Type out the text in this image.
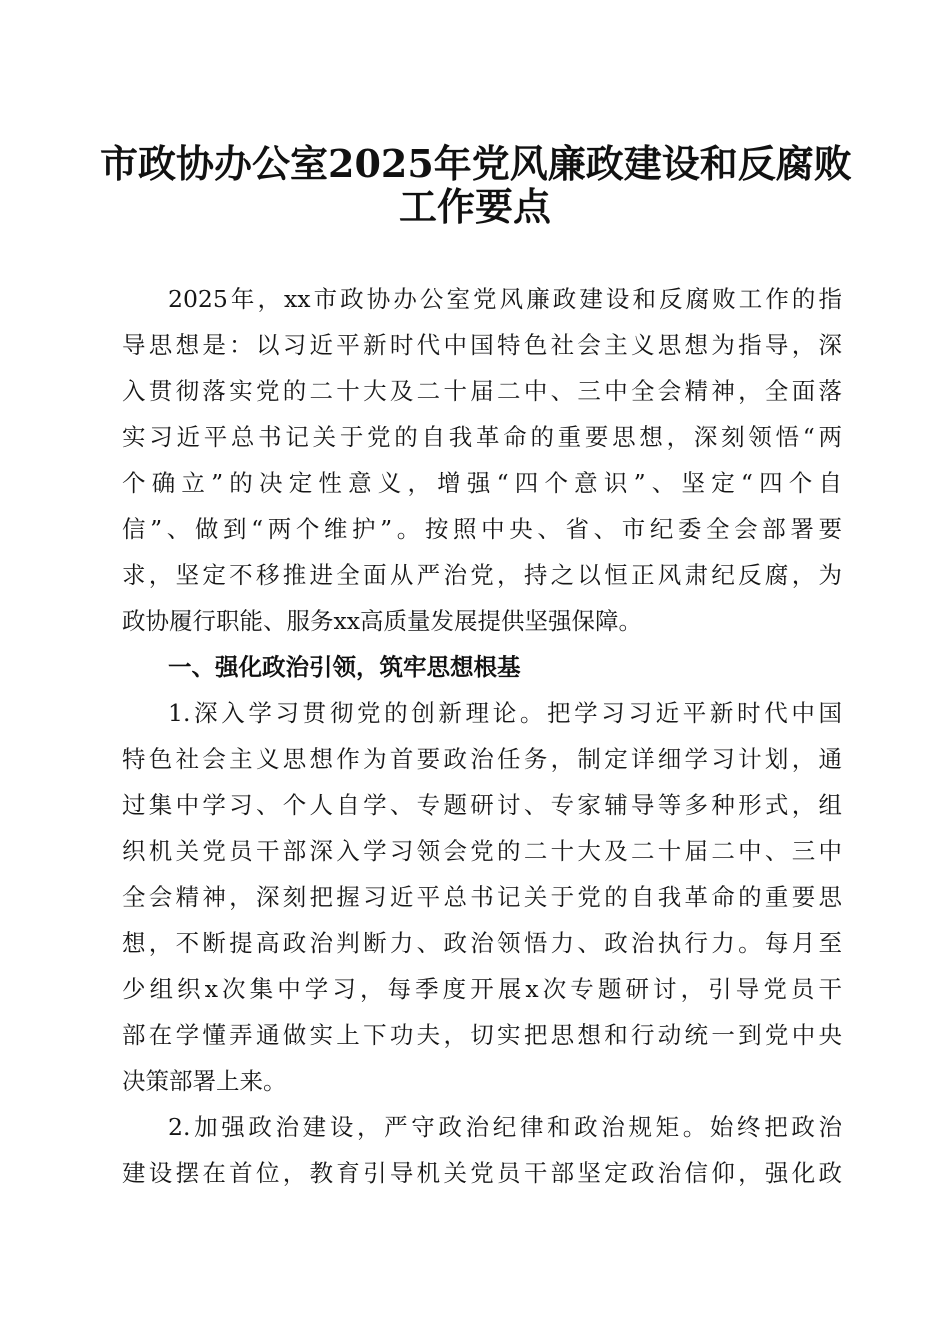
市政协办公室2025年党风廉政建设和反腐败
工作要点
2025年，xx市政协办公室党风廉政建设和反腐败工作的指
导思想是：以习近平新时代中国特色社会主义思想为指导，深
入贯彻落实党的二十大及二十届二中、三中全会精神，全面落
实习近平总书记关于党的自我革命的重要思想，深刻领悟“两
个确立”的决定性意义，增强“四个意识”、坚定“四个自
信”、做到“两个维护”。按照中央、省、市纪委全会部署要
求，坚定不移推进全面从严治党，持之以恒正风肃纪反腐，为
政协履行职能、服务xx高质量发展提供坚强保障。
一、强化政治引领，筑牢思想根基
1.深入学习贯彻党的创新理论。把学习习近平新时代中国
特色社会主义思想作为首要政治任务，制定详细学习计划，通
过集中学习、个人自学、专题研讨、专家辅导等多种形式，组
织机关党员干部深入学习领会党的二十大及二十届二中、三中
全会精神，深刻把握习近平总书记关于党的自我革命的重要思
想，不断提高政治判断力、政治领悟力、政治执行力。每月至
少组织x次集中学习，每季度开展x次专题研讨，引导党员干
部在学懂弄通做实上下功夫，切实把思想和行动统一到党中央
决策部署上来。
2.加强政治建设，严守政治纪律和政治规矩。始终把政治
建设摆在首位，教育引导机关党员干部坚定政治信仰，强化政
